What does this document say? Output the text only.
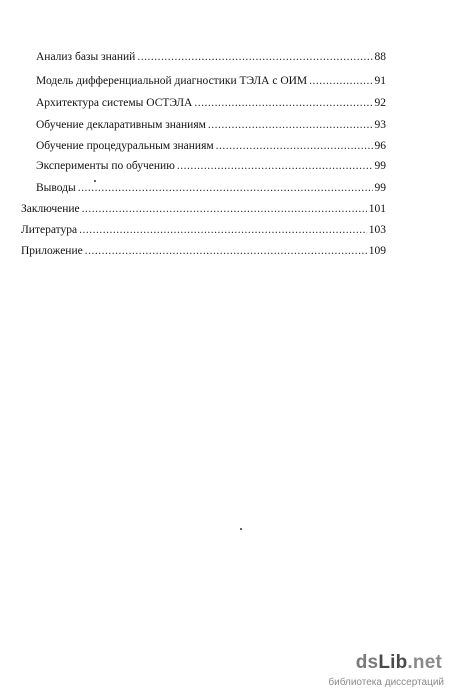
Анализ базы знаний .....	88
Модель дифференциальной диагностики ТЭЛА с ОИМ .....	91
Архитектура системы ОСТЭЛА .....	92
Обучение декларативным знаниям .....	93
Обучение процедуральным знаниям .....	96
Эксперименты по обучению .....	99
Выводы .....	99
Заключение .....	101
Литература .....	103
Приложение .....	109
dsLib.net
библиотека диссертаций
